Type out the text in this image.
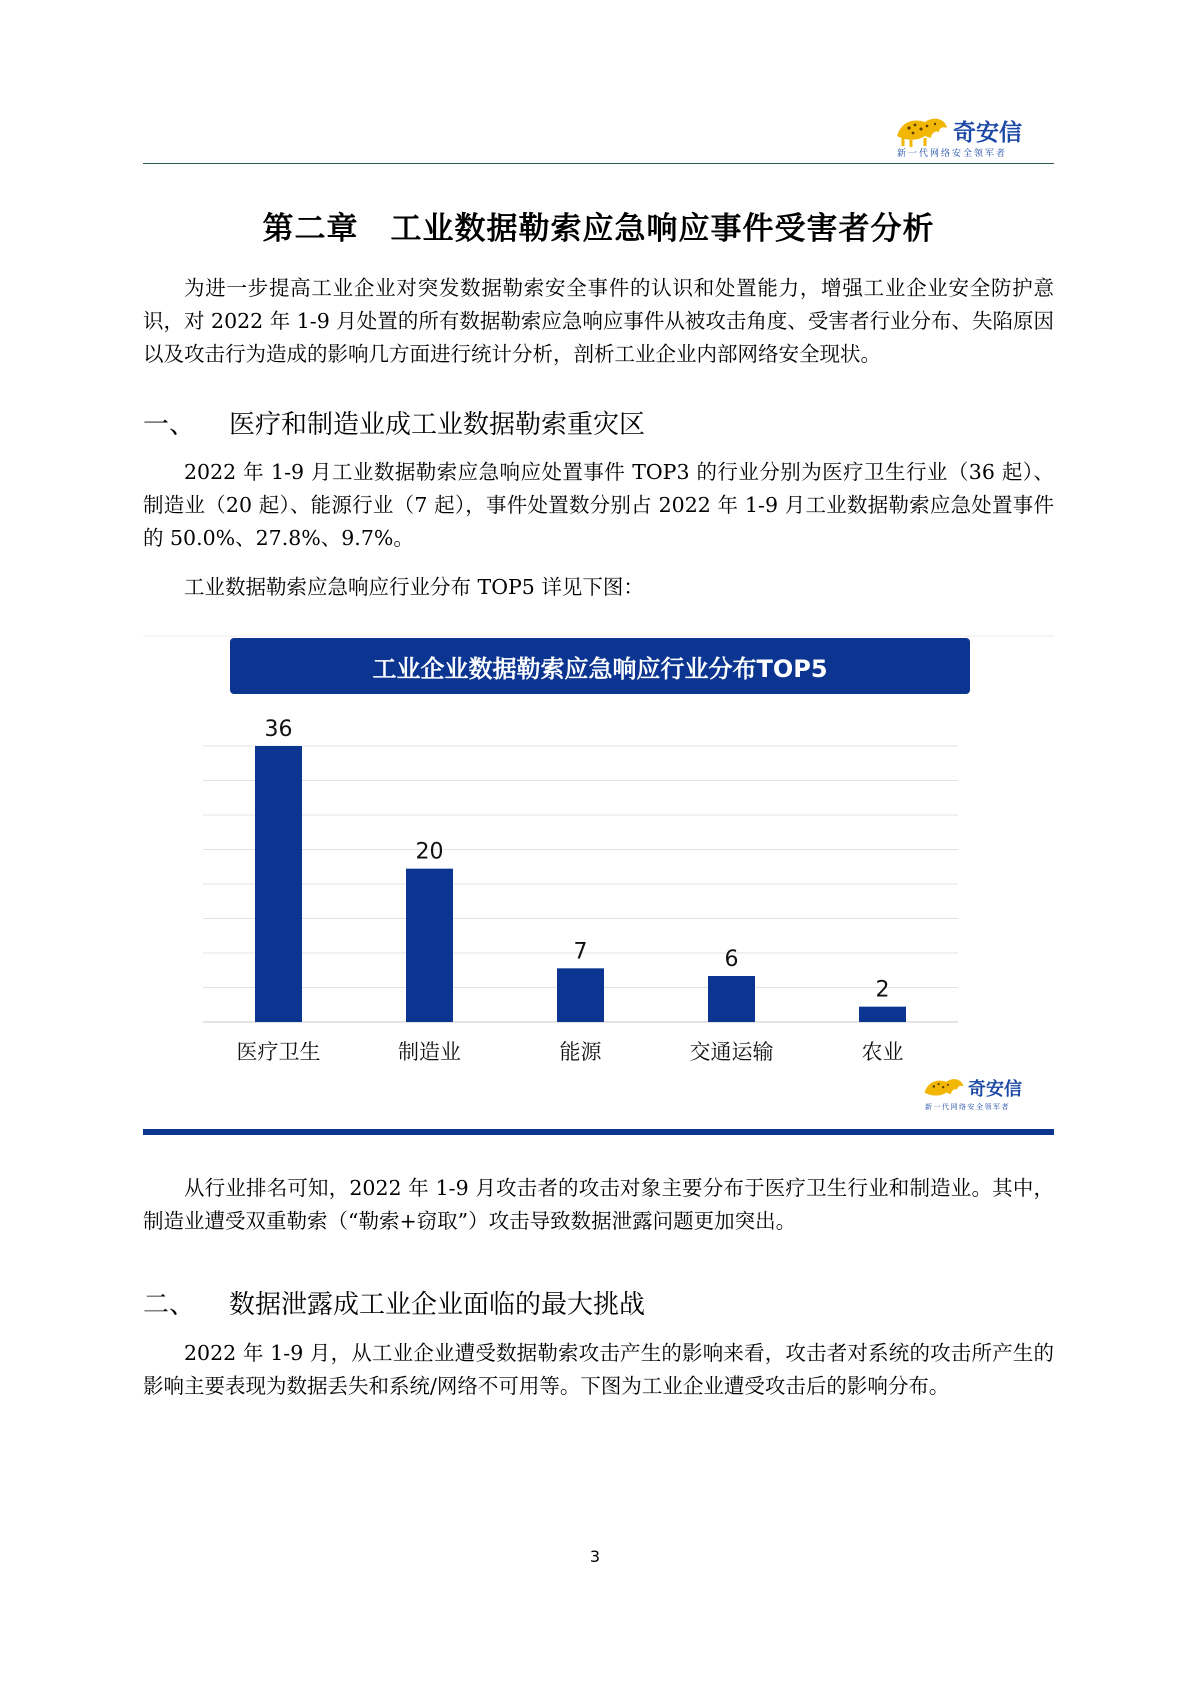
奇安信
新一代网络安全领军者
第二章　工业数据勒索应急响应事件受害者分析

为进一步提高工业企业对突发数据勒索安全事件的认识和处置能力，增强工业企业安全防护意识，对 2022 年 1-9 月处置的所有数据勒索应急响应事件从被攻击角度、受害者行业分布、失陷原因以及攻击行为造成的影响几方面进行统计分析，剖析工业企业内部网络安全现状。

一、 医疗和制造业成工业数据勒索重灾区

2022 年 1-9 月工业数据勒索应急响应处置事件 TOP3 的行业分别为医疗卫生行业（36 起）、制造业（20 起）、能源行业（7 起），事件处置数分别占 2022 年 1-9 月工业数据勒索应急处置事件的 50.0%、27.8%、9.7%。

工业数据勒索应急响应行业分布 TOP5 详见下图：

36
医疗卫生
20
制造业
7
能源
6
交通运输
2
农业
工业企业数据勒索应急响应行业分布TOP5
奇安信
新一代网络安全领军者

从行业排名可知，2022 年 1-9 月攻击者的攻击对象主要分布于医疗卫生行业和制造业。其中，制造业遭受双重勒索（“勒索+窃取”）攻击导致数据泄露问题更加突出。

二、 数据泄露成工业企业面临的最大挑战

2022 年 1-9 月，从工业企业遭受数据勒索攻击产生的影响来看，攻击者对系统的攻击所产生的影响主要表现为数据丢失和系统/网络不可用等。下图为工业企业遭受攻击后的影响分布。

3
